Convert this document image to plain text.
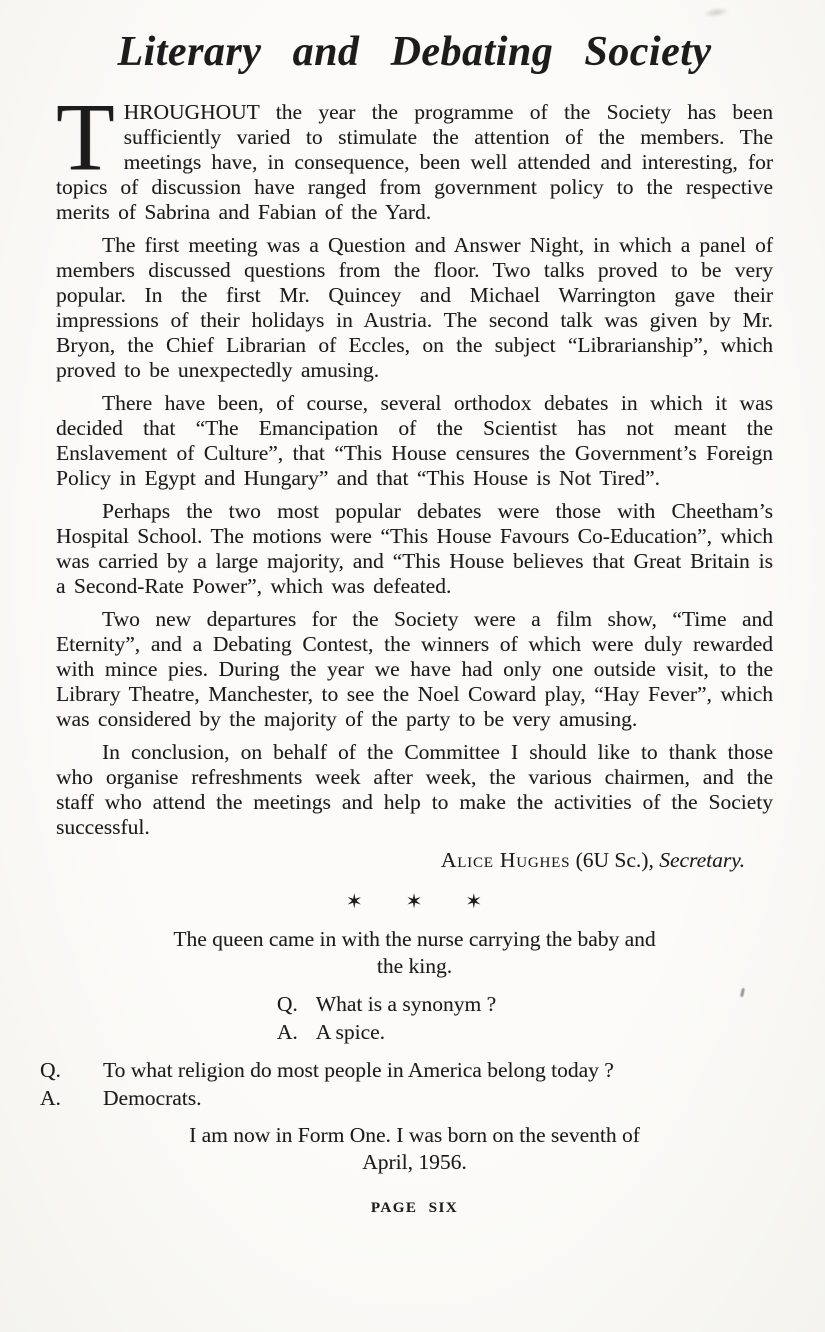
Literary and Debating Society

T HROUGHOUT the year the programme of the Society has been sufficiently varied to stimulate the attention of the members. The meetings have, in consequence, been well attended and interesting, for topics of discussion have ranged from government policy to the respective merits of Sabrina and Fabian of the Yard.

The first meeting was a Question and Answer Night, in which a panel of members discussed questions from the floor. Two talks proved to be very popular. In the first Mr. Quincey and Michael Warrington gave their impressions of their holidays in Austria. The second talk was given by Mr. Bryon, the Chief Librarian of Eccles, on the subject “Librarianship”, which proved to be unexpectedly amusing.

There have been, of course, several orthodox debates in which it was decided that “The Emancipation of the Scientist has not meant the Enslavement of Culture”, that “This House censures the Government’s Foreign Policy in Egypt and Hungary” and that “This House is Not Tired”.

Perhaps the two most popular debates were those with Cheetham’s Hospital School. The motions were “This House Favours Co-Education”, which was carried by a large majority, and “This House believes that Great Britain is a Second-Rate Power”, which was defeated.

Two new departures for the Society were a film show, “Time and Eternity”, and a Debating Contest, the winners of which were duly rewarded with mince pies. During the year we have had only one outside visit, to the Library Theatre, Manchester, to see the Noel Coward play, “Hay Fever”, which was considered by the majority of the party to be very amusing.

In conclusion, on behalf of the Committee I should like to thank those who organise refreshments week after week, the various chairmen, and the staff who attend the meetings and help to make the activities of the Society successful.

Alice Hughes (6U Sc.), Secretary.
✶ ✶ ✶
The queen came in with the nurse carrying the baby and the king.
Q. What is a synonym ?
A. A spice.
Q.	To what religion do most people in America belong today ?
A.	Democrats.
I am now in Form One. I was born on the seventh of April, 1956.
PAGE SIX
